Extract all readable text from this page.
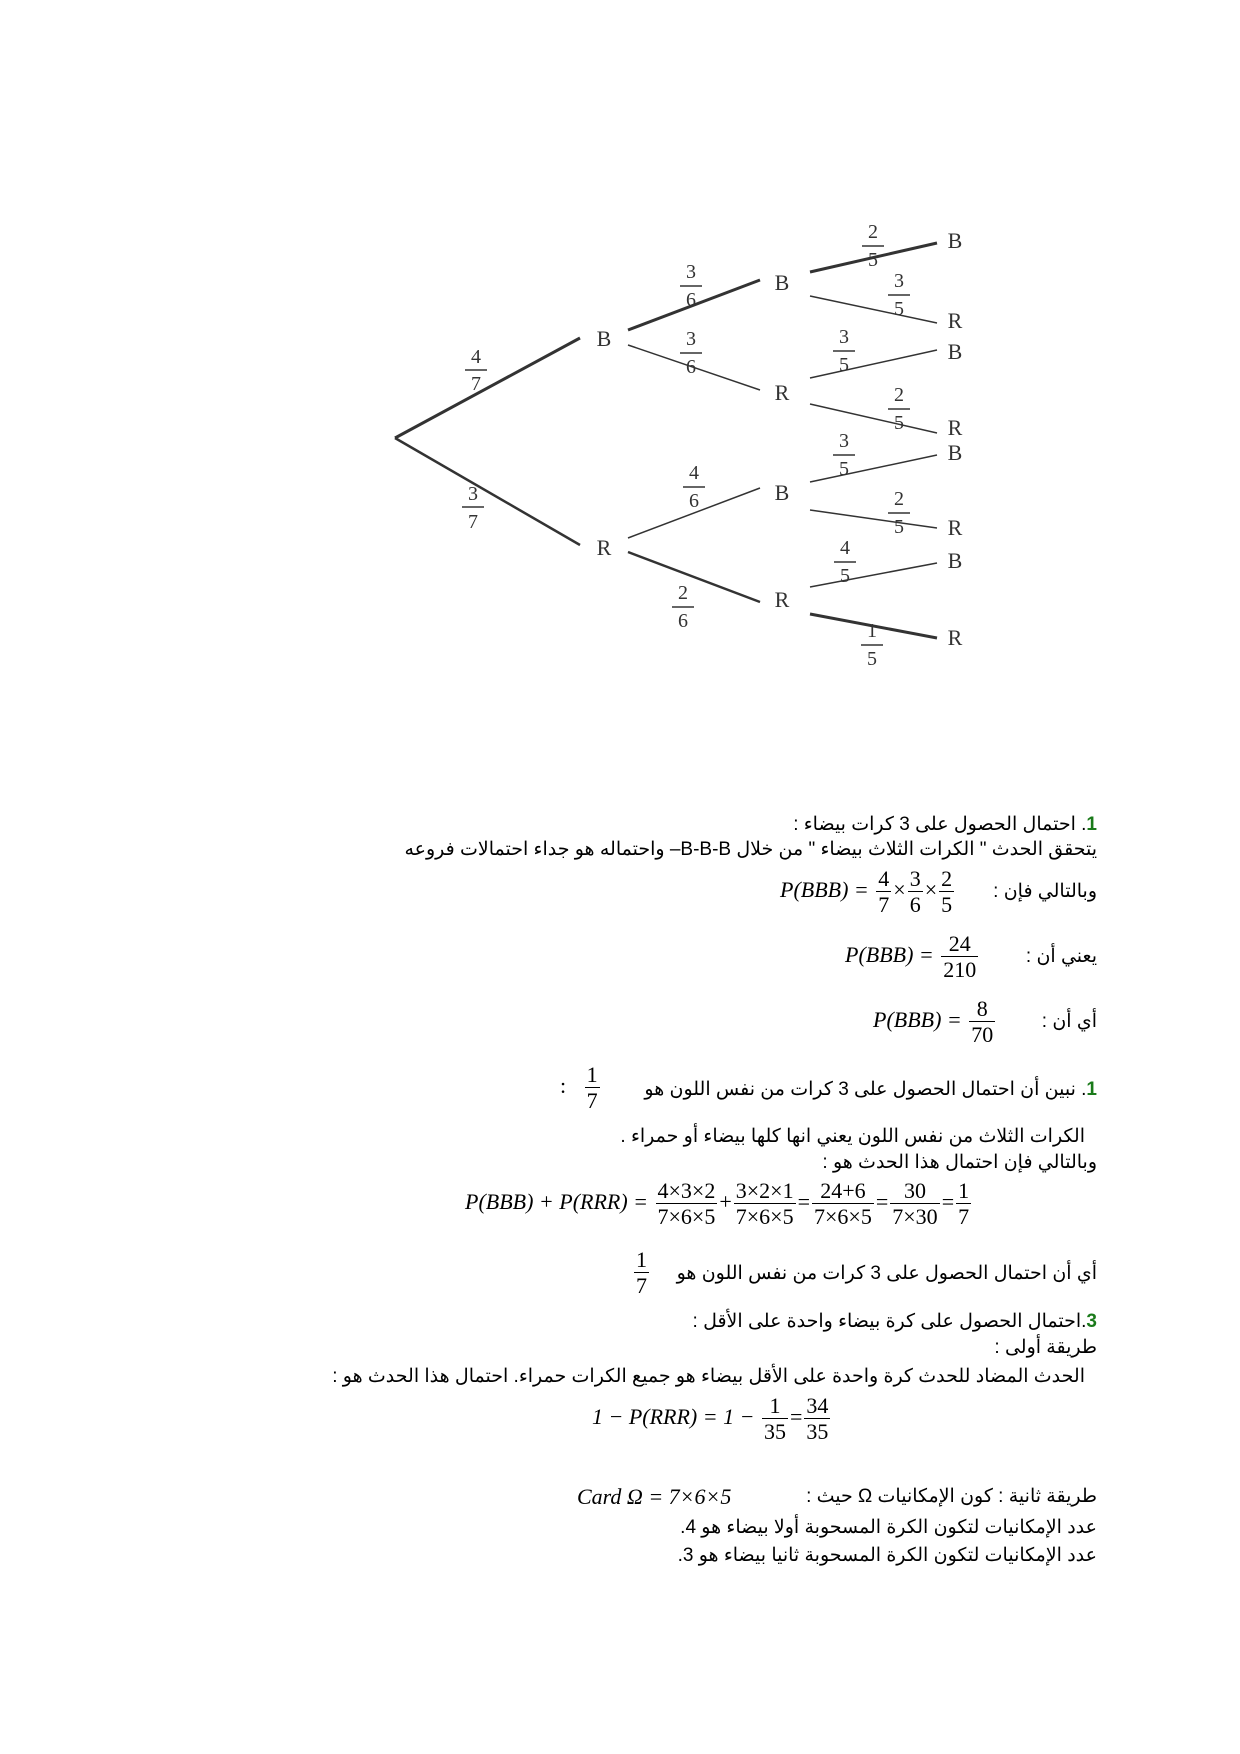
B
R
B
R
B
R
B
R
B
R
B
R
B
R
4
7
3
7
3
6
3
6
4
6
2
6
2
5
3
5
3
5
2
5
3
5
2
5
4
5
1
5
1. احتمال الحصول على 3 كرات بيضاء :
يتحقق الحدث " الكرات الثلاث بيضاء " من خلال B-B-B– واحتماله هو جداء احتمالات فروعه
وبالتالي فإن :
$P(BBB) = \frac{4}{7} \times \frac{3}{6} \times \frac{2}{5}$
يعني أن :
$P(BBB) = \frac{24}{210}$
أي أن :
$P(BBB) = \frac{8}{70}$
1. نبين أن احتمال الحصول على 3 كرات من نفس اللون هو
: $\frac{1}{7}$
الكرات الثلاث من نفس اللون يعني انها كلها بيضاء أو حمراء .
وبالتالي فإن احتمال هذا الحدث هو :
$P(BBB) + P(RRR) = \frac{4\times 3\times 2}{7\times 6\times 5} + \frac{3\times 2\times 1}{7\times 6\times 5} = \frac{24+6}{7\times 6\times 5} = \frac{30}{7\times 30} = \frac{1}{7}$
أي أن احتمال الحصول على 3 كرات من نفس اللون هو
$\frac{1}{7}$
3.احتمال الحصول على كرة بيضاء واحدة على الأقل :
طريقة أولى :
الحدث المضاد للحدث كرة واحدة على الأقل بيضاء هو جميع الكرات حمراء. احتمال هذا الحدث هو :
$1 - P(RRR) = 1 - \frac{1}{35} = \frac{34}{35}$
طريقة ثانية : كون الإمكانيات Ω حيث :
Card Ω = 7×6×5
عدد الإمكانيات لتكون الكرة المسحوبة أولا بيضاء هو 4.
عدد الإمكانيات لتكون الكرة المسحوبة ثانيا بيضاء هو 3.
